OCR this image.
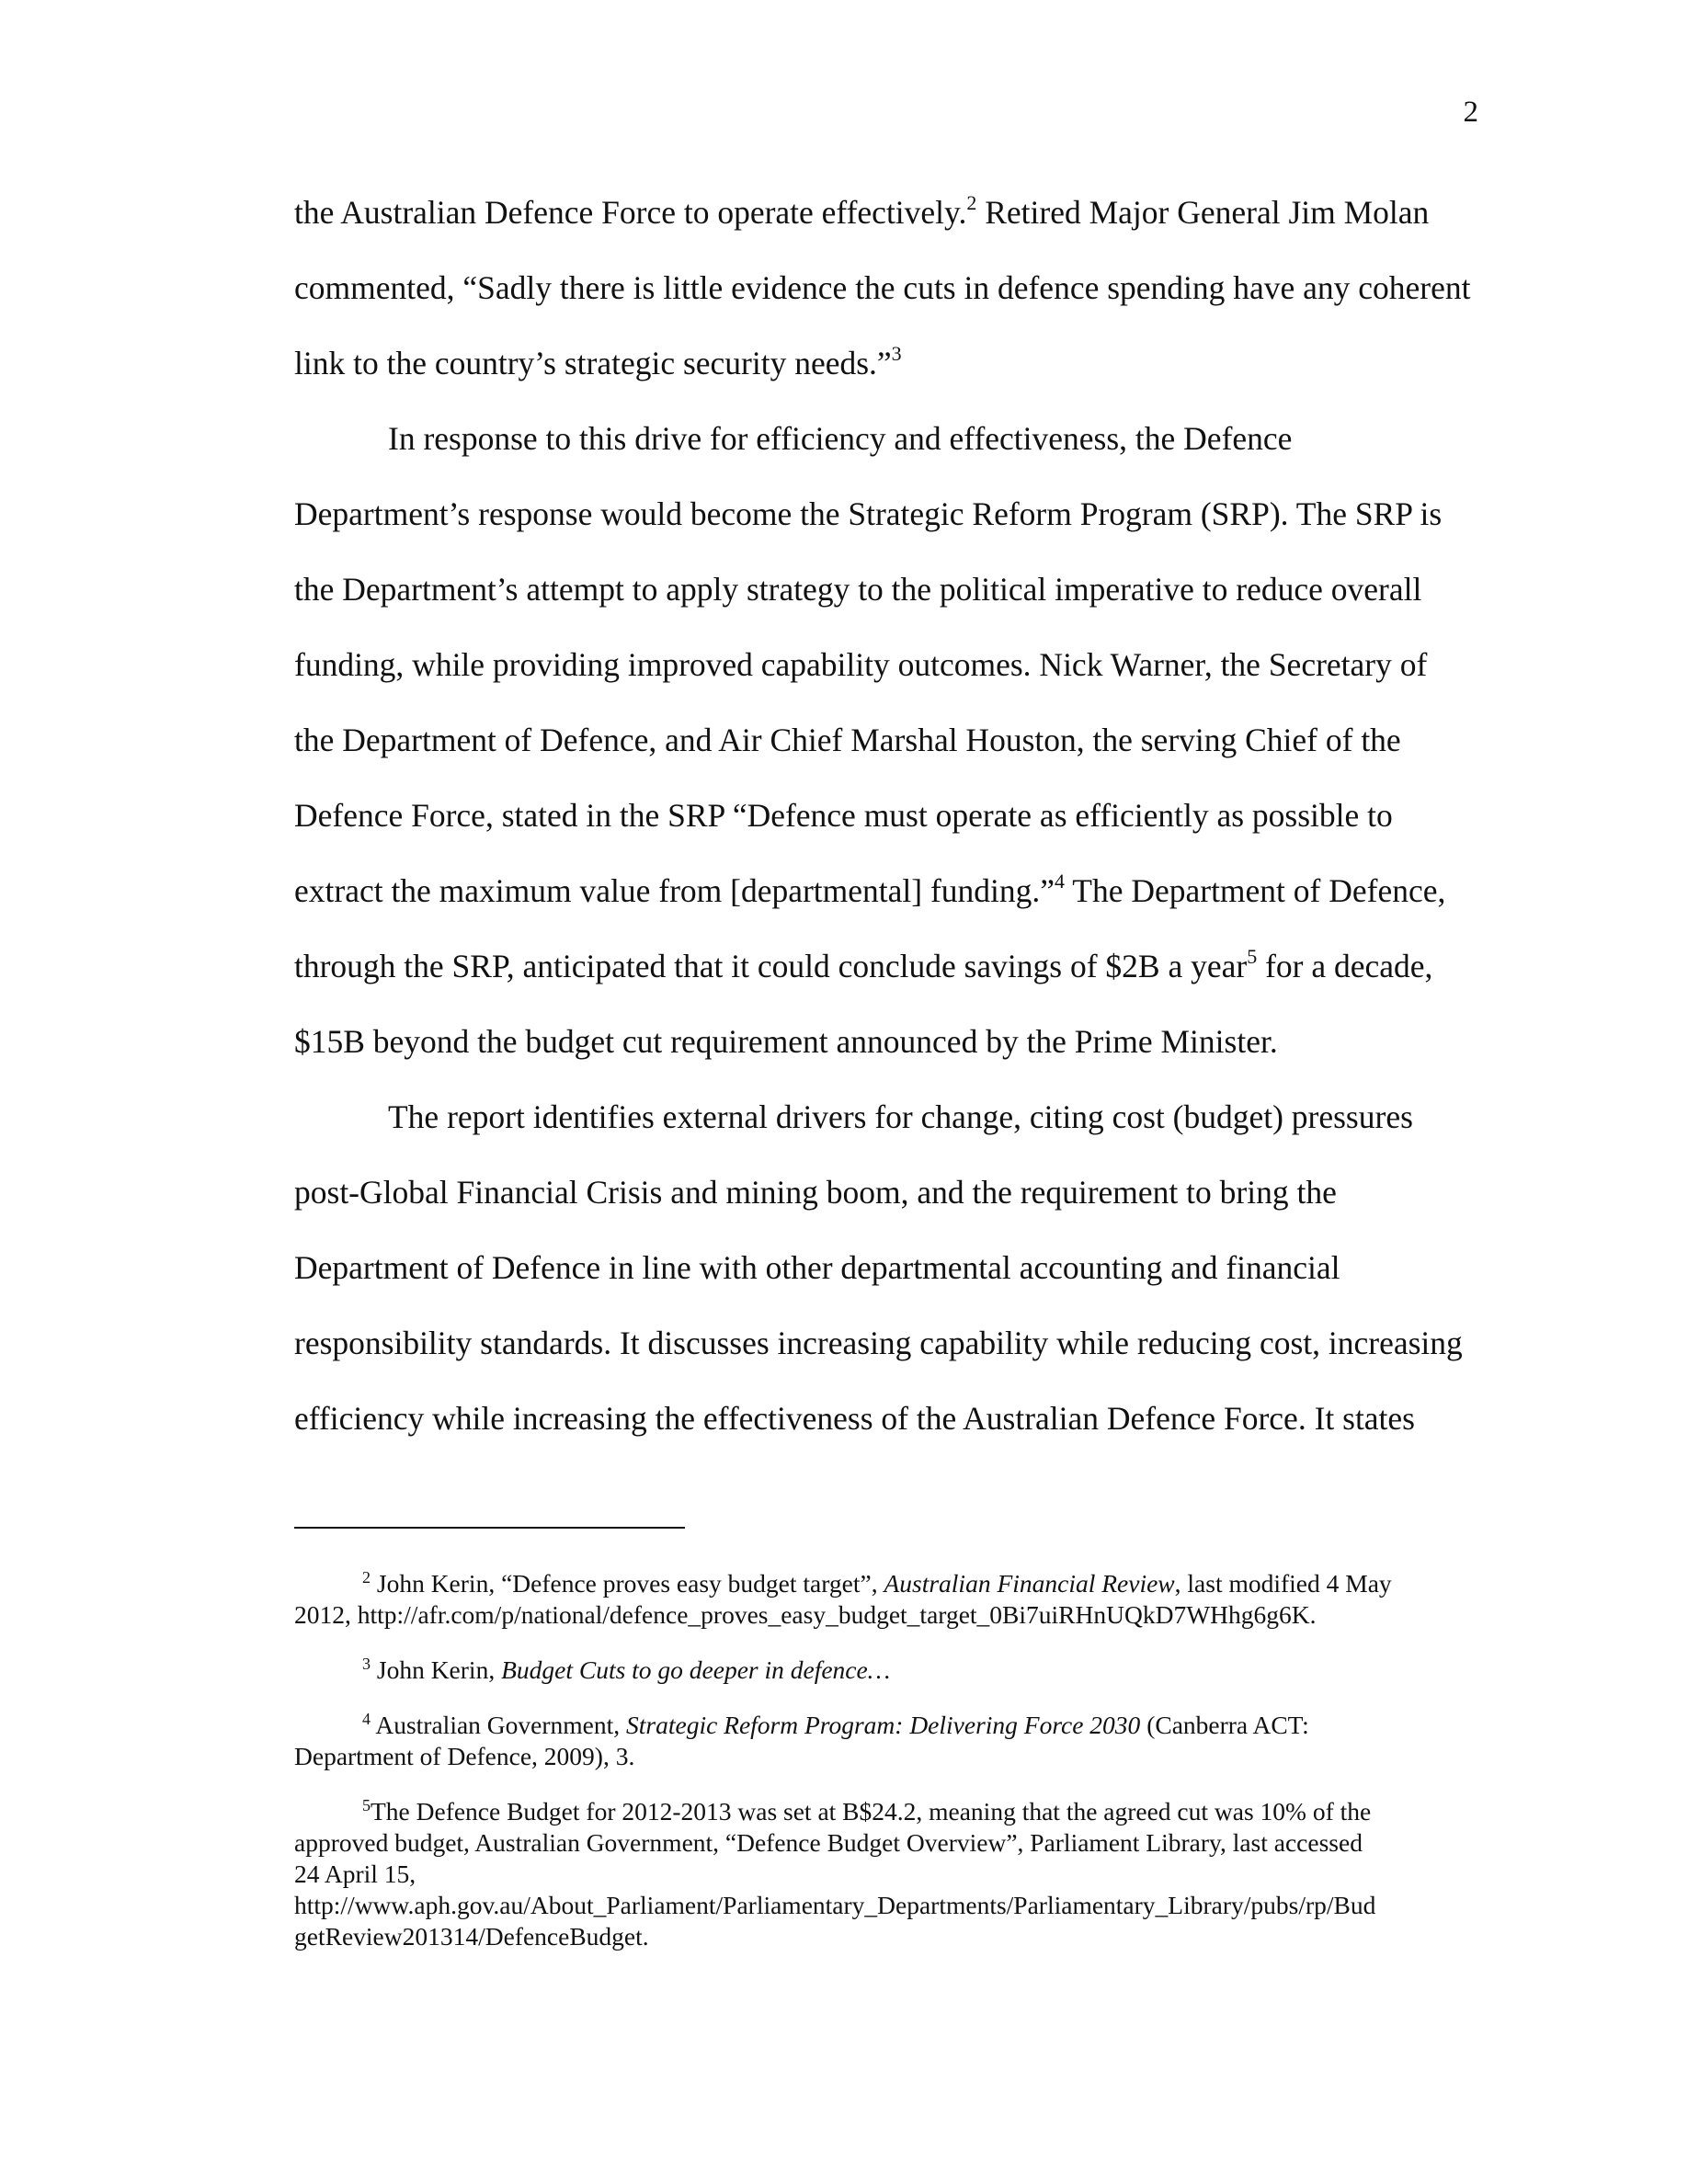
2
the Australian Defence Force to operate effectively.$^2$ Retired Major General Jim Molan
commented, “Sadly there is little evidence the cuts in defence spending have any coherent
link to the country’s strategic security needs.”$^3$
In response to this drive for efficiency and effectiveness, the Defence
Department’s response would become the Strategic Reform Program (SRP). The SRP is
the Department’s attempt to apply strategy to the political imperative to reduce overall
funding, while providing improved capability outcomes. Nick Warner, the Secretary of
the Department of Defence, and Air Chief Marshal Houston, the serving Chief of the
Defence Force, stated in the SRP “Defence must operate as efficiently as possible to
extract the maximum value from [departmental] funding.”$^4$ The Department of Defence,
through the SRP, anticipated that it could conclude savings of $2B a year$^5$ for a decade,
$15B beyond the budget cut requirement announced by the Prime Minister.
The report identifies external drivers for change, citing cost (budget) pressures
post-Global Financial Crisis and mining boom, and the requirement to bring the
Department of Defence in line with other departmental accounting and financial
responsibility standards. It discusses increasing capability while reducing cost, increasing
efficiency while increasing the effectiveness of the Australian Defence Force. It states
$^2$ John Kerin, “Defence proves easy budget target”, Australian Financial Review, last modified 4 May
2012, http://afr.com/p/national/defence_proves_easy_budget_target_0Bi7uiRHnUQkD7WHhg6g6K.
$^3$ John Kerin, Budget Cuts to go deeper in defence…
$^4$ Australian Government, Strategic Reform Program: Delivering Force 2030 (Canberra ACT:
Department of Defence, 2009), 3.
$^5$The Defence Budget for 2012-2013 was set at B$24.2, meaning that the agreed cut was 10% of the
approved budget, Australian Government, “Defence Budget Overview”, Parliament Library, last accessed
24 April 15,
http://www.aph.gov.au/About_Parliament/Parliamentary_Departments/Parliamentary_Library/pubs/rp/Bud
getReview201314/DefenceBudget.
